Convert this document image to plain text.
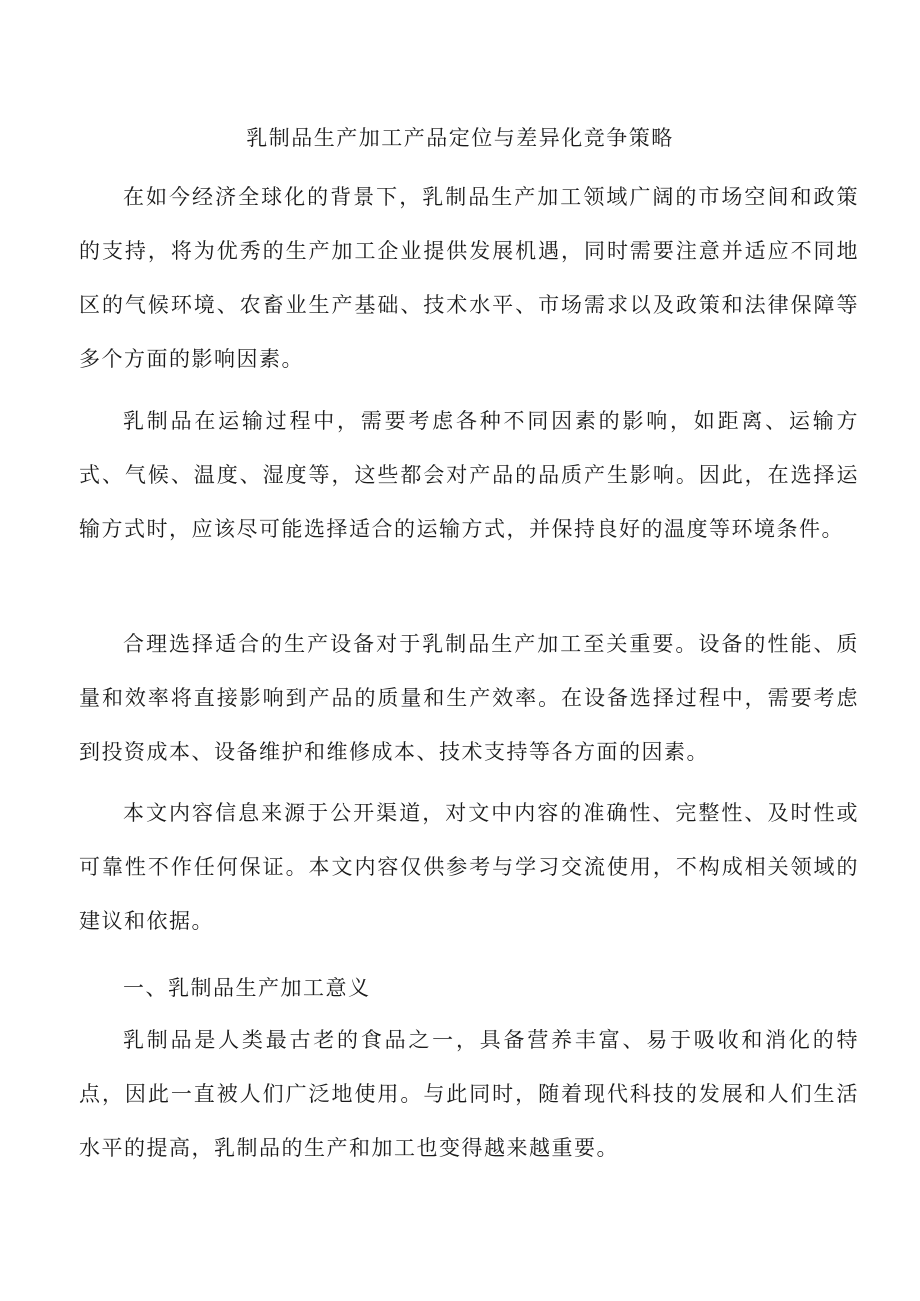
乳制品生产加工产品定位与差异化竞争策略

在如今经济全球化的背景下，乳制品生产加工领域广阔的市场空间和政策的支持，将为优秀的生产加工企业提供发展机遇，同时需要注意并适应不同地区的气候环境、农畜业生产基础、技术水平、市场需求以及政策和法律保障等多个方面的影响因素。

乳制品在运输过程中，需要考虑各种不同因素的影响，如距离、运输方式、气候、温度、湿度等，这些都会对产品的品质产生影响。因此，在选择运输方式时，应该尽可能选择适合的运输方式，并保持良好的温度等环境条件。

合理选择适合的生产设备对于乳制品生产加工至关重要。设备的性能、质量和效率将直接影响到产品的质量和生产效率。在设备选择过程中，需要考虑到投资成本、设备维护和维修成本、技术支持等各方面的因素。

本文内容信息来源于公开渠道，对文中内容的准确性、完整性、及时性或可靠性不作任何保证。本文内容仅供参考与学习交流使用，不构成相关领域的建议和依据。

一、乳制品生产加工意义

乳制品是人类最古老的食品之一，具备营养丰富、易于吸收和消化的特点，因此一直被人们广泛地使用。与此同时，随着现代科技的发展和人们生活水平的提高，乳制品的生产和加工也变得越来越重要。
